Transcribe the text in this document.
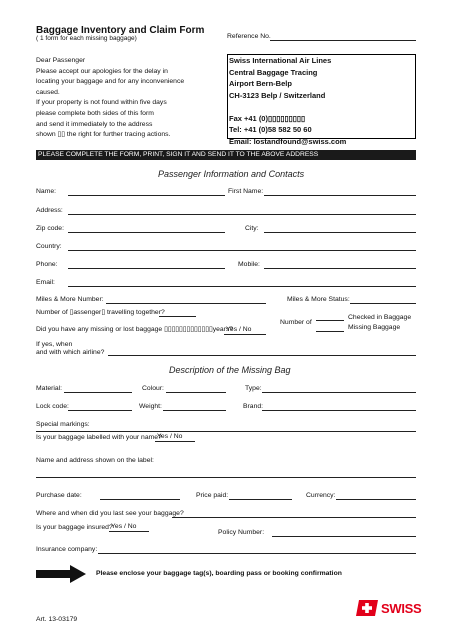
Baggage Inventory and Claim Form
( 1 form for each missing baggage)	Reference No.
Dear Passenger
Please accept our apologies for the delay in
locating your baggage and for any inconvenience
caused.
If your property is not found within five days
please complete both sides of this form
and send it immediately to the address
shown ▯▯ the right for further tracing actions.
Swiss International Air Lines
Central Baggage Tracing
Airport Bern-Belp
CH-3123 Belp / Switzerland

Fax +41 (0)▯▯▯▯▯▯▯▯▯
Tel: +41 (0)58 582 50 60
Email: lostandfound@swiss.com
PLEASE COMPLETE THE FORM, PRINT, SIGN IT AND SEND IT TO THE ABOVE ADDRESS
Passenger Information and Contacts
Name:	First Name:
Address:
Zip code:	City:
Country:
Phone:	Mobile:
Email:
Miles & More Number:	Miles & More Status:
Number of ▯assenger▯ travelling together?
Did you have any missing or lost baggage ▯▯▯▯▯▯▯▯▯▯▯▯▯years?
Yes / No
Number of
Checked in Baggage
Missing Baggage
If yes, when
and with which airline?
Description of the Missing Bag
Material:	Colour:	Type:
Lock code:	Weight:	Brand:
Special markings:
Is your baggage labelled with your name?
Yes / No
Name and address shown on the label:
Purchase date:	Price paid:	Currency:
Where and when did you last see your baggage?
Is your baggage insured?
Yes / No
Policy Number:
Insurance company:
Please enclose your baggage tag(s), boarding pass or booking confirmation
Art. 13-03179
SWISS
